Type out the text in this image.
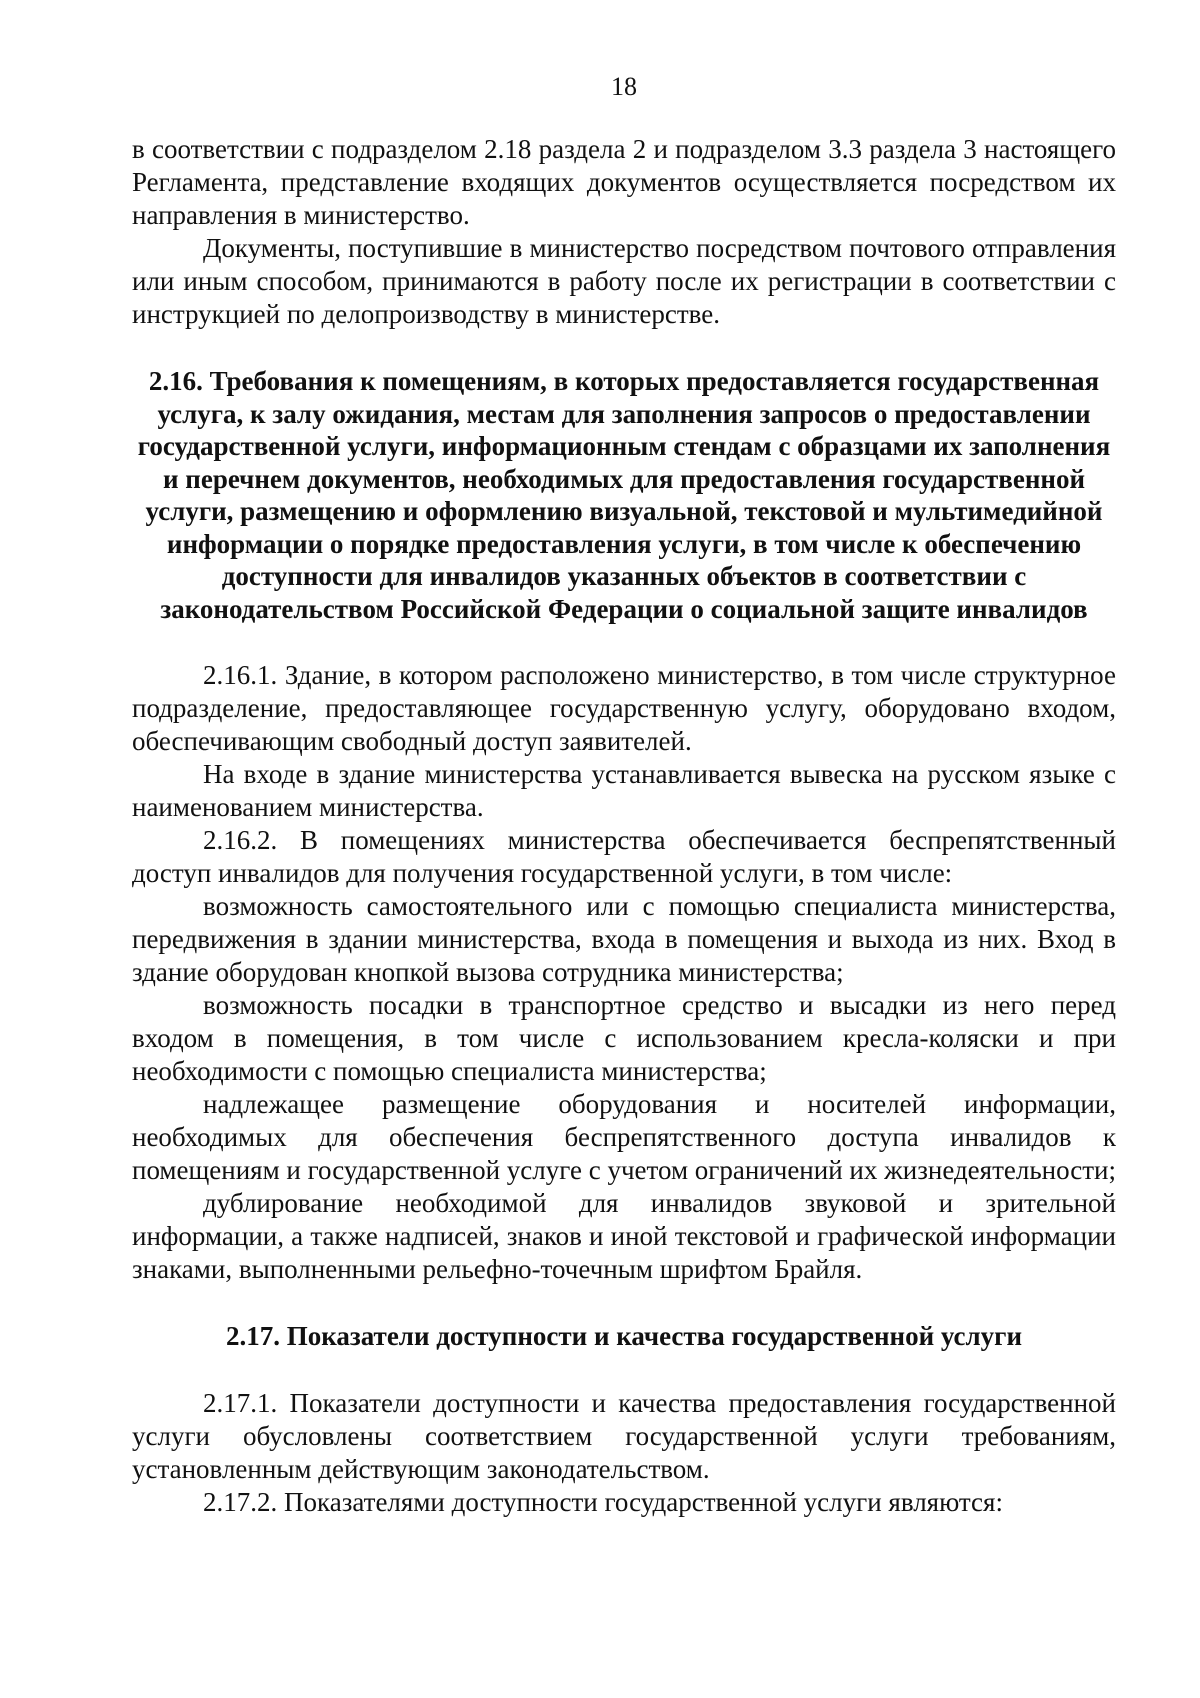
18

в соответствии с подразделом 2.18 раздела 2 и подразделом 3.3 раздела 3 настоящего Регламента, представление входящих документов осуществляется посредством их направления в министерство.

Документы, поступившие в министерство посредством почтового отправления или иным способом, принимаются в работу после их регистрации в соответствии с инструкцией по делопроизводству в министерстве.

2.16. Требования к помещениям, в которых предоставляется государственная услуга, к залу ожидания, местам для заполнения запросов о предоставлении государственной услуги, информационным стендам с образцами их заполнения и перечнем документов, необходимых для предоставления государственной услуги, размещению и оформлению визуальной, текстовой и мультимедийной информации о порядке предоставления услуги, в том числе к обеспечению доступности для инвалидов указанных объектов в соответствии с законодательством Российской Федерации о социальной защите инвалидов

2.16.1. Здание, в котором расположено министерство, в том числе структурное подразделение, предоставляющее государственную услугу, оборудовано входом, обеспечивающим свободный доступ заявителей.

На входе в здание министерства устанавливается вывеска на русском языке с наименованием министерства.

2.16.2. В помещениях министерства обеспечивается беспрепятственный доступ инвалидов для получения государственной услуги, в том числе:

возможность самостоятельного или с помощью специалиста министерства, передвижения в здании министерства, входа в помещения и выхода из них. Вход в здание оборудован кнопкой вызова сотрудника министерства;

возможность посадки в транспортное средство и высадки из него перед входом в помещения, в том числе с использованием кресла-коляски и при необходимости с помощью специалиста министерства;

надлежащее размещение оборудования и носителей информации, необходимых для обеспечения беспрепятственного доступа инвалидов к помещениям и государственной услуге с учетом ограничений их жизнедеятельности;

дублирование необходимой для инвалидов звуковой и зрительной информации, а также надписей, знаков и иной текстовой и графической информации знаками, выполненными рельефно-точечным шрифтом Брайля.

2.17. Показатели доступности и качества государственной услуги

2.17.1. Показатели доступности и качества предоставления государственной услуги обусловлены соответствием государственной услуги требованиям, установленным действующим законодательством.

2.17.2. Показателями доступности государственной услуги являются:
